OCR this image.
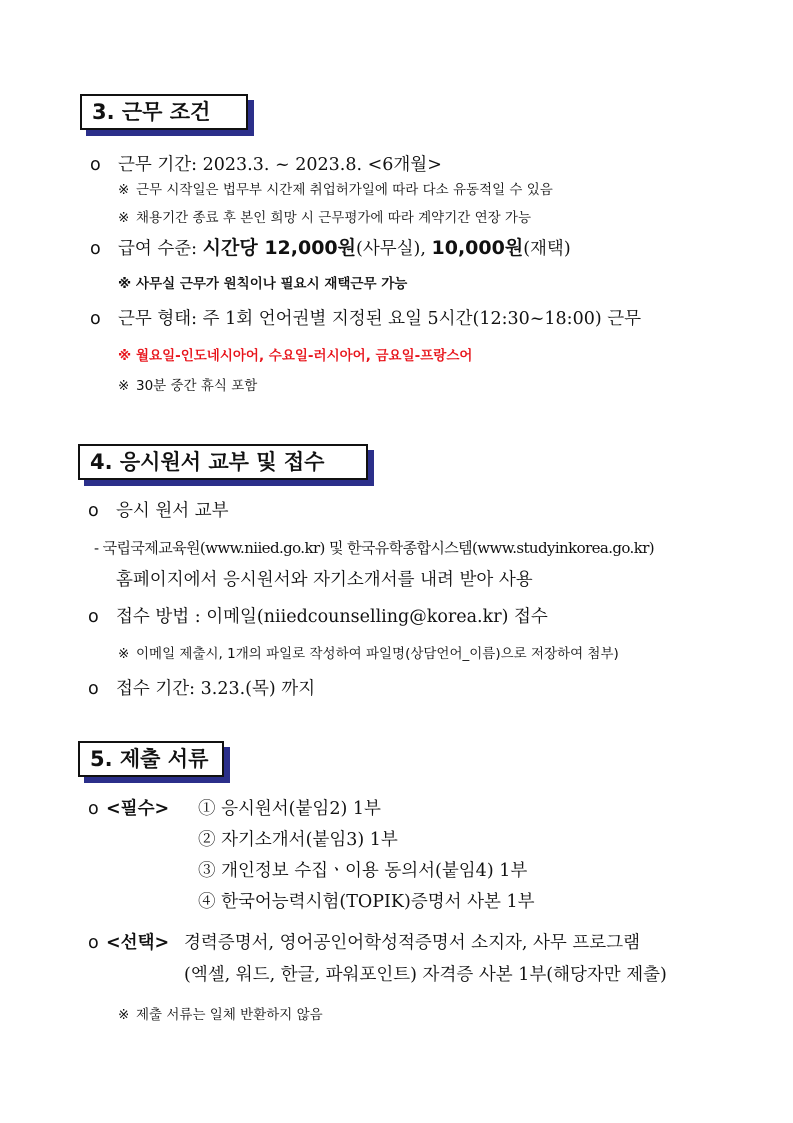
3. 근무 조건
o 근무 기간: 2023.3. ~ 2023.8. <6개월>
※ 근무 시작일은 법무부 시간제 취업허가일에 따라 다소 유동적일 수 있음
※ 채용기간 종료 후 본인 희망 시 근무평가에 따라 계약기간 연장 가능
o 급여 수준: 시간당 12,000원(사무실), 10,000원(재택)
※ 사무실 근무가 원칙이나 필요시 재택근무 가능
o 근무 형태: 주 1회 언어권별 지정된 요일 5시간(12:30~18:00) 근무
※ 월요일-인도네시아어, 수요일-러시아어, 금요일-프랑스어
※ 30분 중간 휴식 포함
4. 응시원서 교부 및 접수
o 응시 원서 교부
- 국립국제교육원(www.niied.go.kr) 및 한국유학종합시스템(www.studyinkorea.go.kr)
홈페이지에서 응시원서와 자기소개서를 내려 받아 사용
o 접수 방법 : 이메일(niiedcounselling@korea.kr) 접수
※ 이메일 제출시, 1개의 파일로 작성하여 파일명(상담언어_이름)으로 저장하여 첨부)
o 접수 기간: 3.23.(목) 까지
5. 제출 서류
o <필수> ① 응시원서(붙임2) 1부
② 자기소개서(붙임3) 1부
③ 개인정보 수집ㆍ이용 동의서(붙임4) 1부
④ 한국어능력시험(TOPIK)증명서 사본 1부
o <선택> 경력증명서, 영어공인어학성적증명서 소지자, 사무 프로그램
(엑셀, 워드, 한글, 파워포인트) 자격증 사본 1부(해당자만 제출)
※ 제출 서류는 일체 반환하지 않음
